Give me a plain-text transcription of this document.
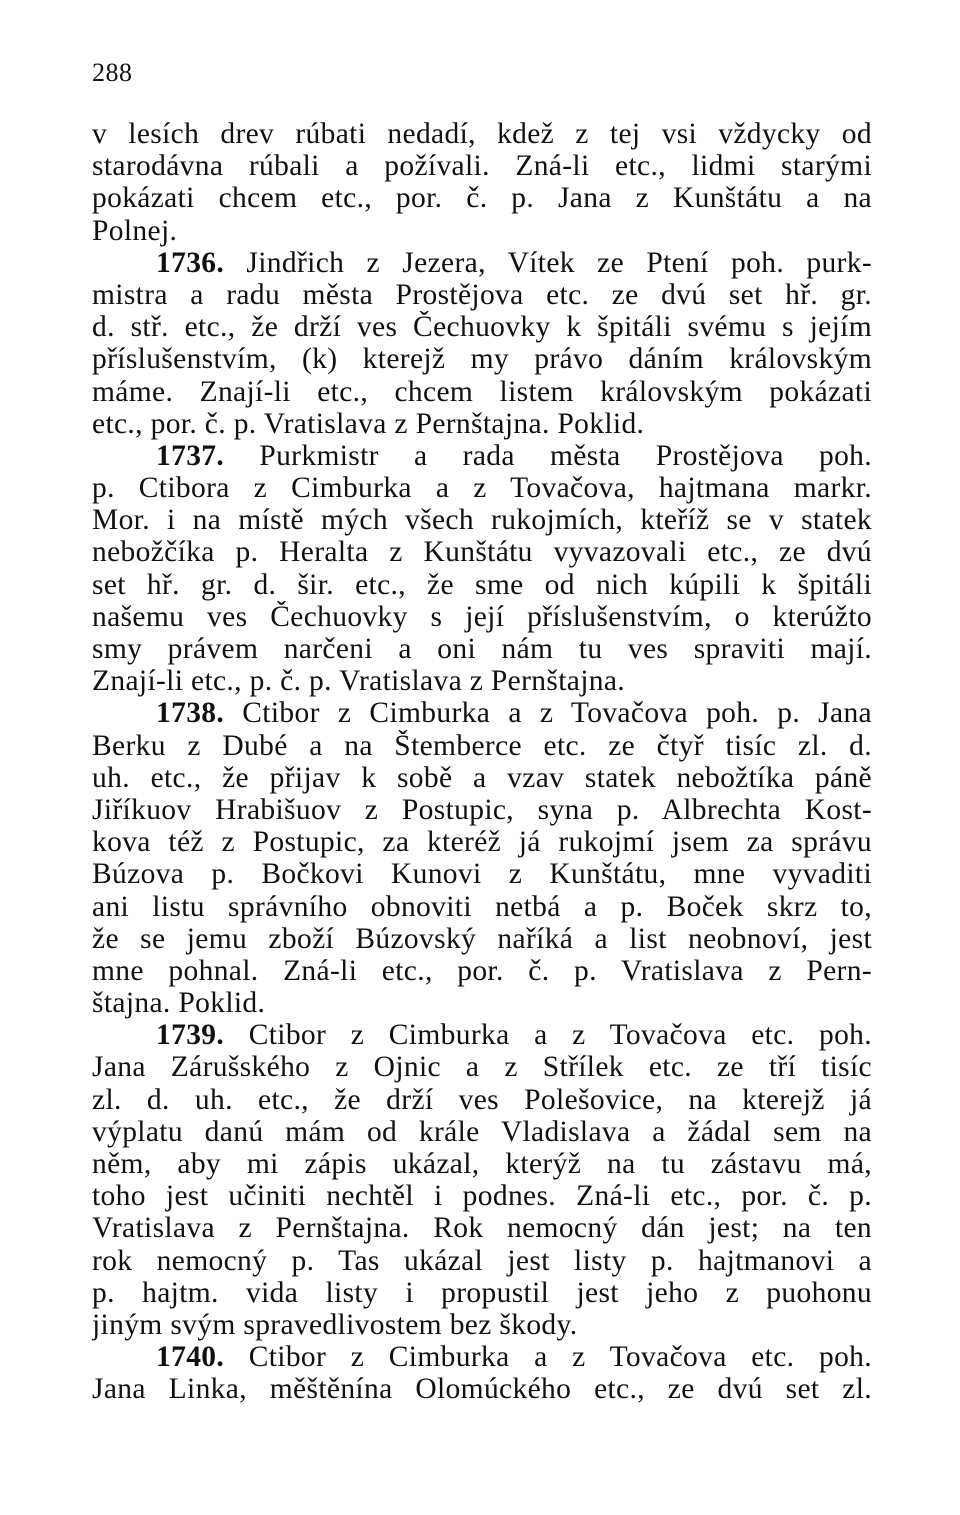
288
v lesích drev rúbati nedadí, kdež z tej vsi vždycky od
starodávna rúbali a požívali. Zná-li etc., lidmi starými
pokázati chcem etc., por. č. p. Jana z Kunštátu a na
Polnej.
1736. Jindřich z Jezera, Vítek ze Ptení poh. purk-
mistra a radu města Prostějova etc. ze dvú set hř. gr.
d. stř. etc., že drží ves Čechuovky k špitáli svému s jejím
příslušenstvím, (k) kterejž my právo dáním královským
máme. Znají-li etc., chcem listem královským pokázati
etc., por. č. p. Vratislava z Pernštajna. Poklid.
1737. Purkmistr a rada města Prostějova poh.
p. Ctibora z Cimburka a z Tovačova, hajtmana markr.
Mor. i na místě mých všech rukojmích, kteříž se v statek
nebožčíka p. Heralta z Kunštátu vyvazovali etc., ze dvú
set hř. gr. d. šir. etc., že sme od nich kúpili k špitáli
našemu ves Čechuovky s její příslušenstvím, o kterúžto
smy právem narčeni a oni nám tu ves spraviti mají.
Znají-li etc., p. č. p. Vratislava z Pernštajna.
1738. Ctibor z Cimburka a z Tovačova poh. p. Jana
Berku z Dubé a na Štemberce etc. ze čtyř tisíc zl. d.
uh. etc., že přijav k sobě a vzav statek nebožtíka páně
Jiříkuov Hrabišuov z Postupic, syna p. Albrechta Kost-
kova též z Postupic, za kteréž já rukojmí jsem za správu
Búzova p. Bočkovi Kunovi z Kunštátu, mne vyvaditi
ani listu správního obnoviti netbá a p. Boček skrz to,
že se jemu zboží Búzovský naříká a list neobnoví, jest
mne pohnal. Zná-li etc., por. č. p. Vratislava z Pern-
štajna. Poklid.
1739. Ctibor z Cimburka a z Tovačova etc. poh.
Jana Zárušského z Ojnic a z Střílek etc. ze tří tisíc
zl. d. uh. etc., že drží ves Polešovice, na kterejž já
výplatu danú mám od krále Vladislava a žádal sem na
něm, aby mi zápis ukázal, kterýž na tu zástavu má,
toho jest učiniti nechtěl i podnes. Zná-li etc., por. č. p.
Vratislava z Pernštajna. Rok nemocný dán jest; na ten
rok nemocný p. Tas ukázal jest listy p. hajtmanovi a
p. hajtm. vida listy i propustil jest jeho z puohonu
jiným svým spravedlivostem bez škody.
1740. Ctibor z Cimburka a z Tovačova etc. poh.
Jana Linka, měštěnína Olomúckého etc., ze dvú set zl.
